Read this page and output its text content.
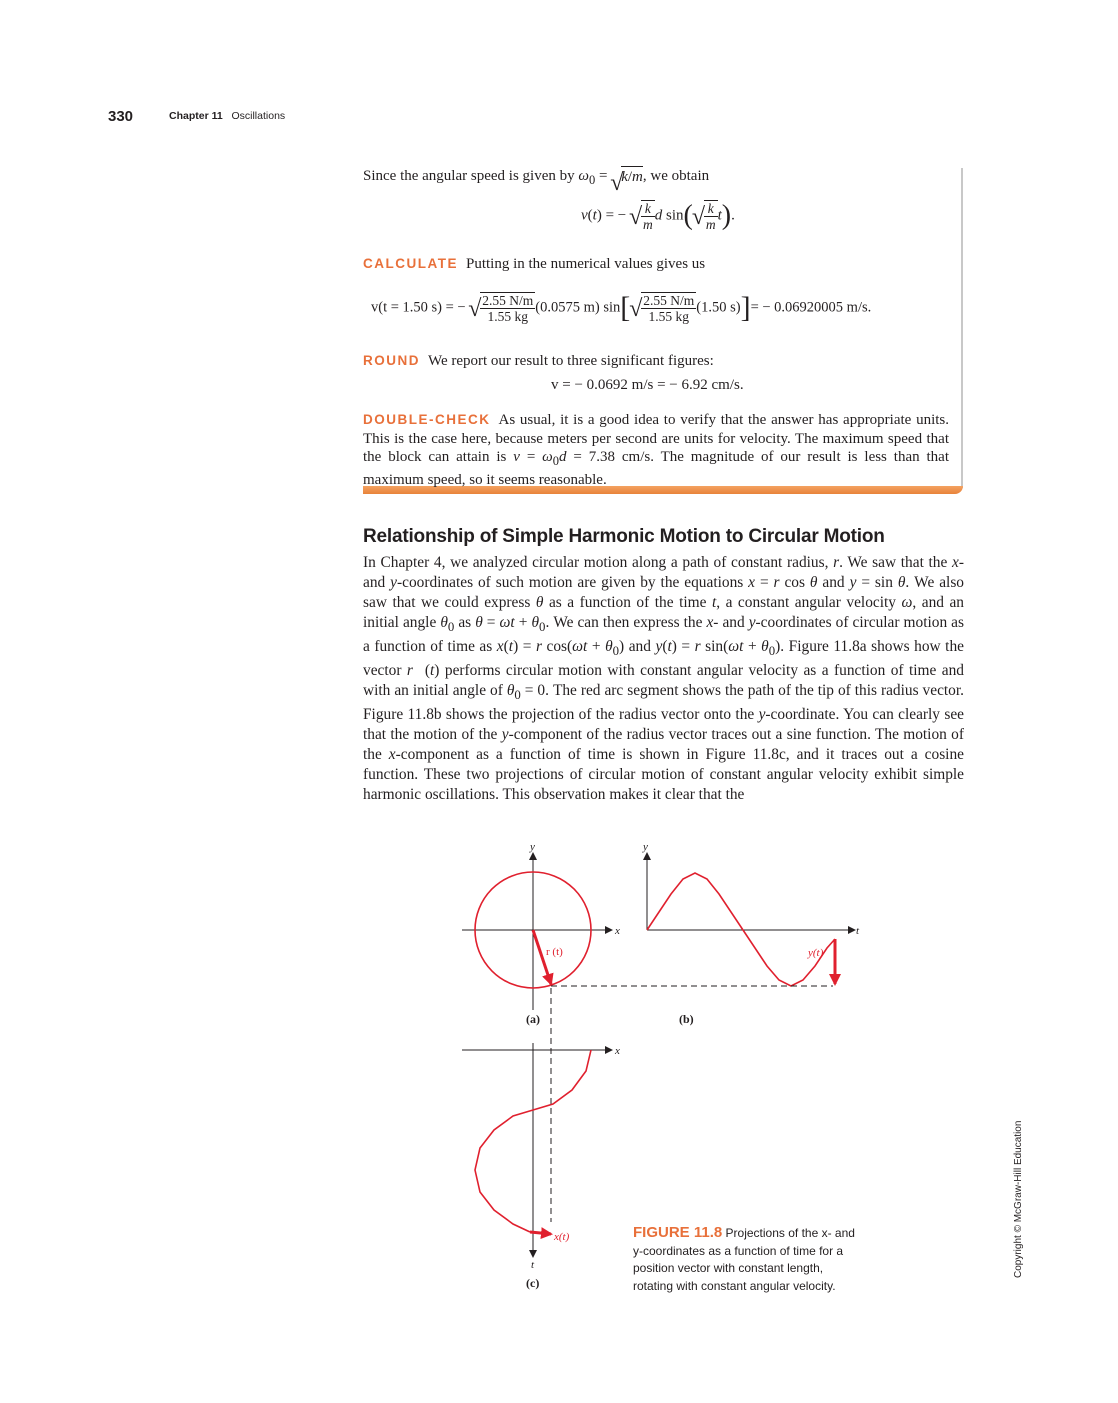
330	Chapter 11 Oscillations
Since the angular speed is given by $\omega_0$ = √ k/m, we obtain
v(t) = − √ $\frac{k}{m}$ d sin( √ $\frac{k}{m} t$).
CALCULATE Putting in the numerical values gives us
v(t = 1.50 s) = − √ $\frac{2.55 N/m}{1.55 kg} (0.0575$ m) sin[ √ $\frac{2.55 N/m}{1.55 kg} (1.50$ s)]= − 0.06920005 m/s.
ROUND We report our result to three significant figures:
v = − 0.0692 m/s = − 6.92 cm/s.
DOUBLE-CHECK As usual, it is a good idea to verify that the answer has appropriate units. This is the case here, because meters per second are units for velocity. The maximum speed that the block can attain is $v = \omega_0d = 7.38$ cm/s. The magnitude of our result is less than that maximum speed, so it seems reasonable.
Relationship of Simple Harmonic Motion to Circular Motion
In Chapter 4, we analyzed circular motion along a path of constant radius, r. We saw that the x- and y-coordinates of such motion are given by the equations x = r cos θ and y = sin θ. We also saw that we could express θ as a function of the time t, a constant angular velocity ω, and an initial angle $\theta_0$ as $\theta = \omega t + \theta_0$. We can then express the x- and y-coordinates of circular motion as a function of time as x(t) = r $\cos(\omega t + \theta_0)$ and y(t) = r $\sin(\omega t + \theta_0)$. Figure 11.8a shows how the vector r⃗(t) performs circular motion with constant angular velocity as a function of time and with an initial angle of $\theta_0 = 0$. The red arc segment shows the path of the tip of this radius vector. Figure 11.8b shows the projection of the radius vector onto the y-coordinate. You can clearly see that the motion of the y-component of the radius vector traces out a sine function. The motion of the x-component as a function of time is shown in Figure 11.8c, and it traces out a cosine function. These two projections of circular motion of constant angular velocity exhibit simple harmonic oscillations. This observation makes it clear that the
y
x
r (t)
(a)
y
t
y(t)
(b)
x
t
x(t)
(c)
FIGURE 11.8 Projections of the x- and y-coordinates as a function of time for a position vector with constant length, rotating with constant angular velocity.
Copyright © McGraw-Hill Education
